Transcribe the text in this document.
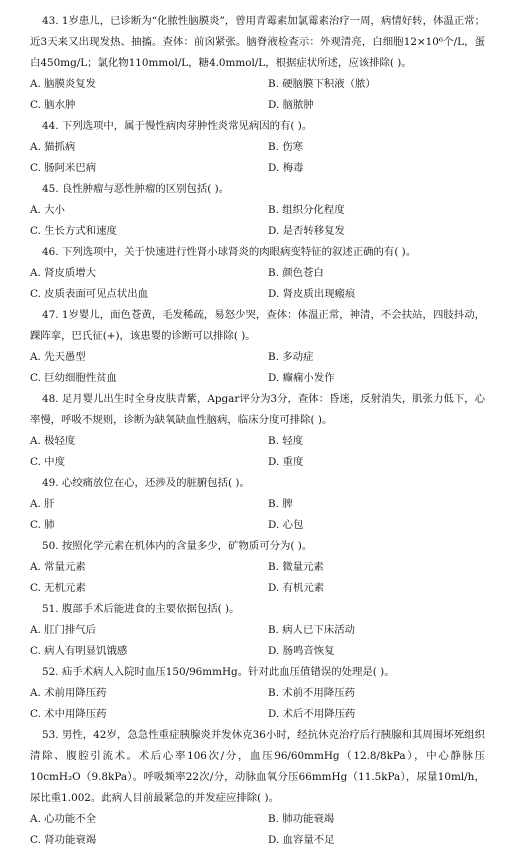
43. 1岁患儿，已诊断为“化脓性脑膜炎”，曾用青霉素加氯霉素治疗一周，病情好转，体温正常；近3天来又出现发热、抽搐。查体：前囟紧张。脑脊液检查示：外观清亮，白细胞12×10⁶个/L，蛋白450mg/L；氯化物110mmol/L，糖4.0mmol/L，根据症状所述，应该排除( )。
A. 脑膜炎复发	B. 硬脑膜下积液（脓）
C. 脑水肿	D. 脑脓肿
44. 下列选项中，属于慢性病肉芽肿性炎常见病因的有( )。
A. 猫抓病	B. 伤寒
C. 肠阿米巴病	D. 梅毒
45. 良性肿瘤与恶性肿瘤的区别包括( )。
A. 大小	B. 组织分化程度
C. 生长方式和速度	D. 是否转移复发
46. 下列选项中，关于快速进行性肾小球肾炎的肉眼病变特征的叙述正确的有( )。
A. 肾皮质增大	B. 颜色苍白
C. 皮质表面可见点状出血	D. 肾皮质出现瘢痕
47. 1岁婴儿，面色苍黄，毛发稀疏，易怒少哭，查体：体温正常，神清，不会扶站，四肢抖动，踝阵挛，巴氏征(+)，该患婴的诊断可以排除( )。
A. 先天愚型	B. 多动症
C. 巨幼细胞性贫血	D. 癫痫小发作
48. 足月婴儿出生时全身皮肤青紫，Apgar评分为3分，查体：昏迷，反射消失，肌张力低下，心率慢，呼吸不规则，诊断为缺氧缺血性脑病，临床分度可排除( )。
A. 极轻度	B. 轻度
C. 中度	D. 重度
49. 心绞痛放位在心，还涉及的脏腑包括( )。
A. 肝	B. 脾
C. 肺	D. 心包
50. 按照化学元素在机体内的含量多少，矿物质可分为( )。
A. 常量元素	B. 微量元素
C. 无机元素	D. 有机元素
51. 腹部手术后能进食的主要依据包括( )。
A. 肛门排气后	B. 病人已下床活动
C. 病人有明显饥饿感	D. 肠鸣音恢复
52. 疝手术病人入院时血压150/96mmHg。针对此血压值错误的处理是( )。
A. 术前用降压药	B. 术前不用降压药
C. 术中用降压药	D. 术后不用降压药
53. 男性，42岁，急急性重症胰腺炎并发休克36小时，经抗休克治疗后行胰腺和其周围坏死组织清除、腹腔引流术。术后心率106次/分，血压96/60mmHg（12.8/8kPa），中心静脉压10cmH₂O（9.8kPa）。呼吸频率22次/分，动脉血氧分压66mmHg（11.5kPa），尿量10ml/h，尿比重1.002。此病人目前最紧急的并发症应排除( )。
A. 心功能不全	B. 肺功能衰竭
C. 肾功能衰竭	D. 血容量不足
